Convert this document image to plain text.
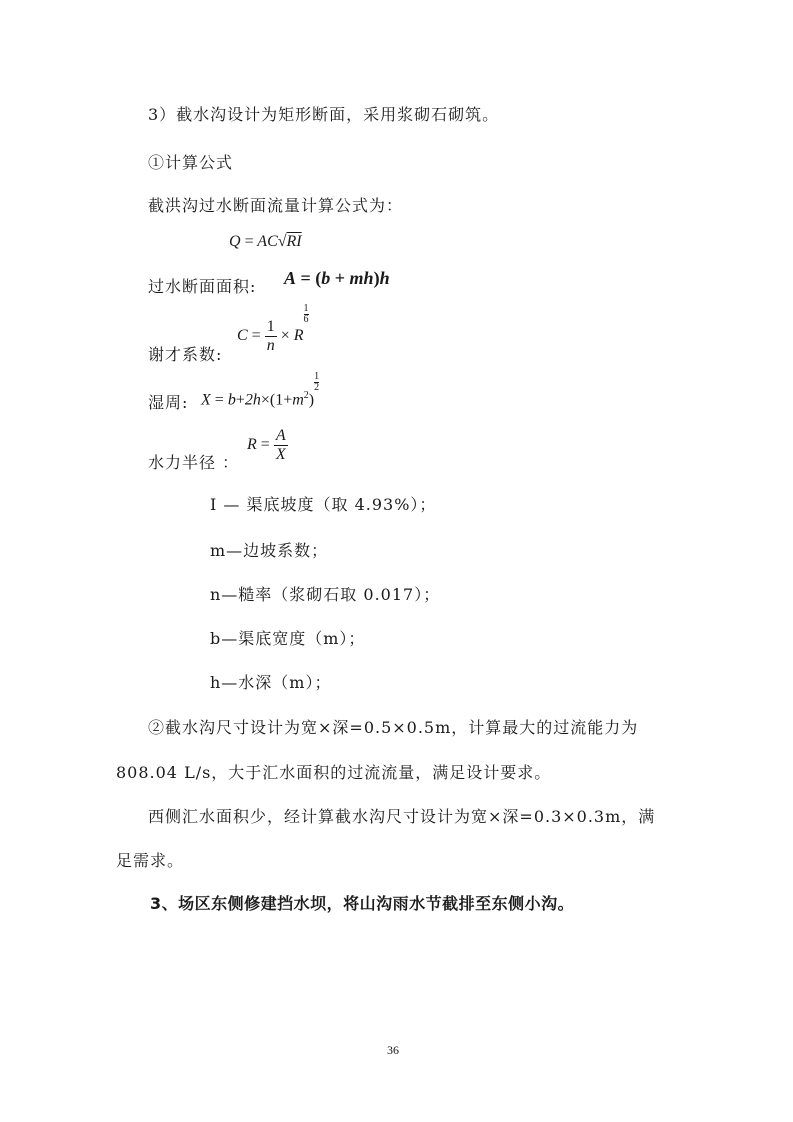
3）截水沟设计为矩形断面，采用浆砌石砌筑。
①计算公式
截洪沟过水断面流量计算公式为：
Q = AC√RI
过水断面面积: A = (b + mh)h
谢才系数:
$C = \frac{1}{n} \times R$
$\frac{1}{6}$
湿周: $X = b+2h\times(1+m^2)$
$\frac{1}{2}$
水力半径 ：
$R = \frac{A}{X}$
I — 渠底坡度（取 4.93%）；
m—边坡系数；
n—糙率（浆砌石取 0.017）；
b—渠底宽度（m）；
h—水深（m）；
②截水沟尺寸设计为宽×深=0.5×0.5m，计算最大的过流能力为
808.04 L/s，大于汇水面积的过流流量，满足设计要求。
西侧汇水面积少，经计算截水沟尺寸设计为宽×深=0.3×0.3m，满
足需求。
3、场区东侧修建挡水坝，将山沟雨水节截排至东侧小沟。
36
